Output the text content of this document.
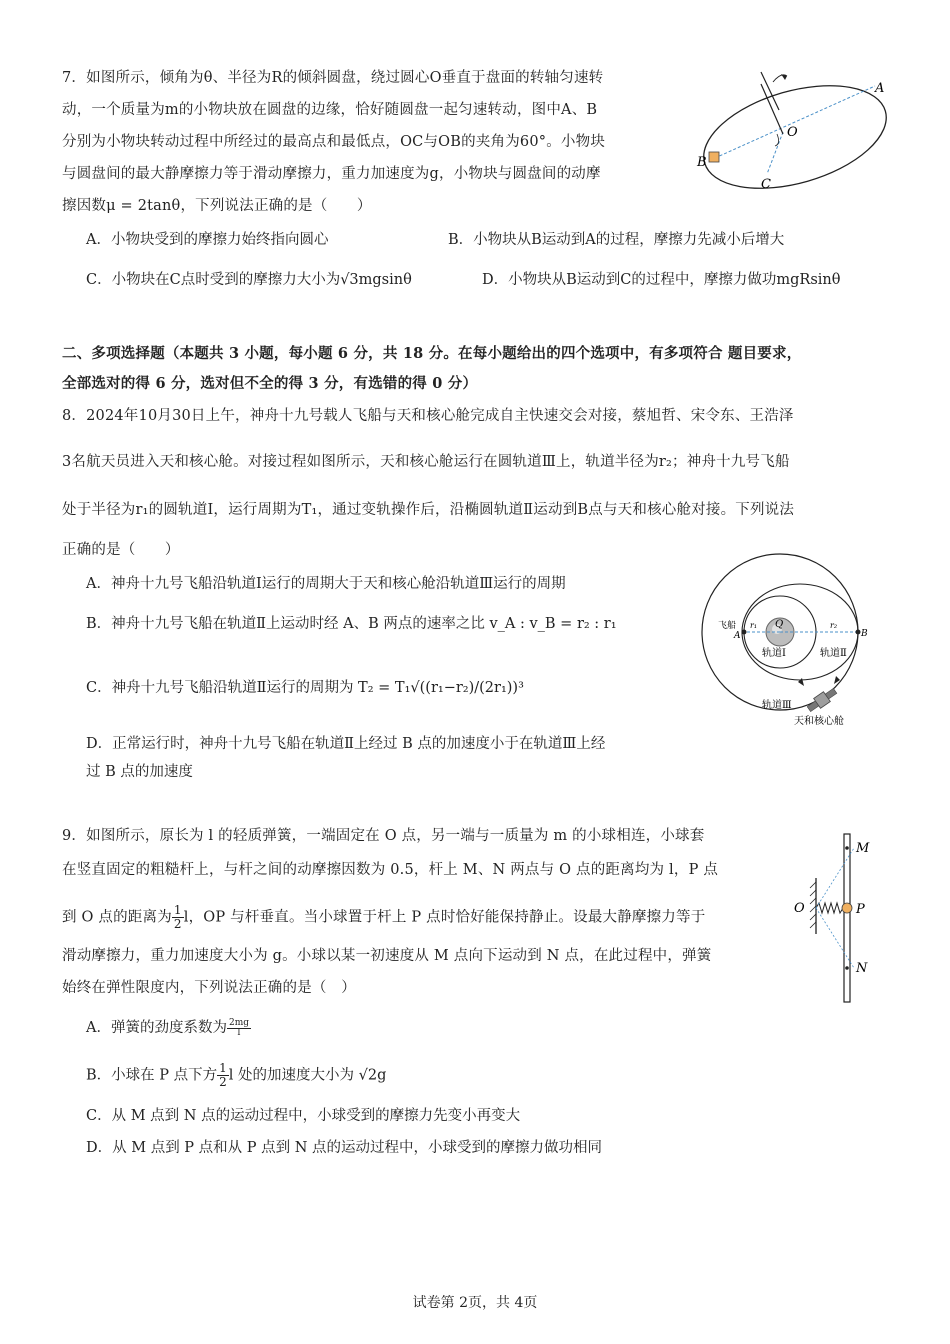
7．如图所示，倾角为θ、半径为R的倾斜圆盘，绕过圆心O垂直于盘面的转轴匀速转
动，一个质量为m的小物块放在圆盘的边缘，恰好随圆盘一起匀速转动，图中A、B
分别为小物块转动过程中所经过的最高点和最低点，OC与OB的夹角为60°。小物块
与圆盘间的最大静摩擦力等于滑动摩擦力，重力加速度为g，小物块与圆盘间的动摩
擦因数μ = 2tanθ，下列说法正确的是（　　）
A．小物块受到的摩擦力始终指向圆心	B．小物块从B运动到A的过程，摩擦力先减小后增大
C．小物块在C点时受到的摩擦力大小为√3mgsinθ	D．小物块从B运动到C的过程中，摩擦力做功mgRsinθ
O
A
B
C
二、多项选择题（本题共 3 小题，每小题 6 分，共 18 分。在每小题给出的四个选项中，有多项符合 题目要求，
全部选对的得 6 分，选对但不全的得 3 分，有选错的得 0 分）
8．2024年10月30日上午，神舟十九号载人飞船与天和核心舱完成自主快速交会对接，蔡旭哲、宋令东、王浩泽
3名航天员进入天和核心舱。对接过程如图所示，天和核心舱运行在圆轨道Ⅲ上，轨道半径为r₂；神舟十九号飞船
处于半径为r₁的圆轨道Ⅰ，运行周期为T₁，通过变轨操作后，沿椭圆轨道Ⅱ运动到B点与天和核心舱对接。下列说法
正确的是（　　）
A．神舟十九号飞船沿轨道Ⅰ运行的周期大于天和核心舱沿轨道Ⅲ运行的周期
B．神舟十九号飞船在轨道Ⅱ上运动时经 A、B 两点的速率之比 v_A : v_B = r₂ : r₁
C．神舟十九号飞船沿轨道Ⅱ运行的周期为 T₂ = T₁√((r₁−r₂)/(2r₁))³
D．正常运行时，神舟十九号飞船在轨道Ⅱ上经过 B 点的加速度小于在轨道Ⅲ上经
过 B 点的加速度
Q
A	B
r₁	r₂
飞船
轨道Ⅰ	轨道Ⅱ
轨道Ⅲ
天和核心舱
9．如图所示，原长为 l 的轻质弹簧，一端固定在 O 点，另一端与一质量为 m 的小球相连，小球套
在竖直固定的粗糙杆上，与杆之间的动摩擦因数为 0.5，杆上 M、N 两点与 O 点的距离均为 l，P 点
到 O 点的距离为 $\frac{1}{2}$ l，OP 与杆垂直。当小球置于杆上 P 点时恰好能保持静止。设最大静摩擦力等于
滑动摩擦力，重力加速度大小为 g。小球以某一初速度从 M 点向下运动到 N 点，在此过程中，弹簧
始终在弹性限度内，下列说法正确的是（　）
A．弹簧的劲度系数为 $\frac{2mg}{l}$
B．小球在 P 点下方 $\frac{1}{2}$ l 处的加速度大小为 √2g
C．从 M 点到 N 点的运动过程中，小球受到的摩擦力先变小再变大
D．从 M 点到 P 点和从 P 点到 N 点的运动过程中，小球受到的摩擦力做功相同
M
N
O	P
试卷第 2页，共 4页
